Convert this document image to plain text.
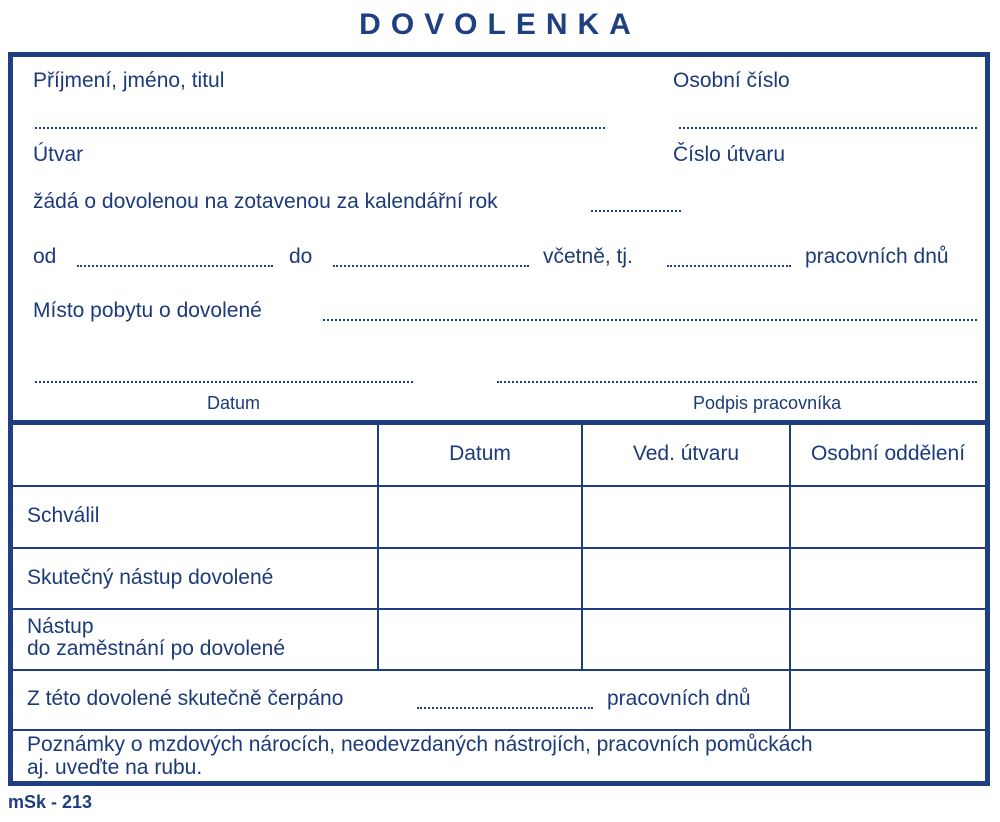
DOVOLENKA
Příjmení, jméno, titul	Osobní číslo
Útvar	Číslo útvaru
žádá o dovolenou na zotavenou za kalendářní rok
od	do	včetně, tj.	pracovních dnů
Místo pobytu o dovolené
Datum	Podpis pracovníka
Datum	Ved. útvaru	Osobní oddělení
Schválil
Skutečný nástup dovolené
Nástup
do zaměstnání po dovolené
Z této dovolené skutečně čerpáno	pracovních dnů
Poznámky o mzdových nárocích, neodevzdaných nástrojích, pracovních pomůckách
aj. uveďte na rubu.
mSk - 213
